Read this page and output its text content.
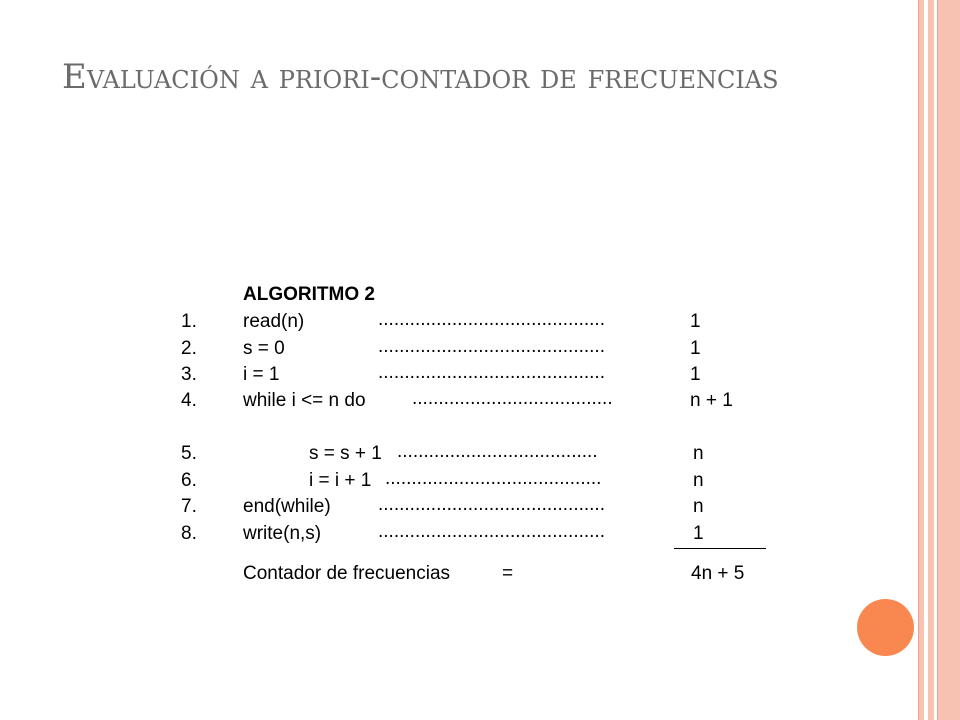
Evaluación a priori-contador de frecuencias
ALGORITMO 2
1. read(n)	...........................................	1
2. s = 0	...........................................	1
3. i = 1	...........................................	1
4. while i <= n do ......................................	n + 1
5.	s = s + 1 ......................................	n
6.	i = i + 1 .........................................	n
7. end(while) ...........................................	n
8. write(n,s)	...........................................	1
Contador de frecuencias	=	4n + 5
